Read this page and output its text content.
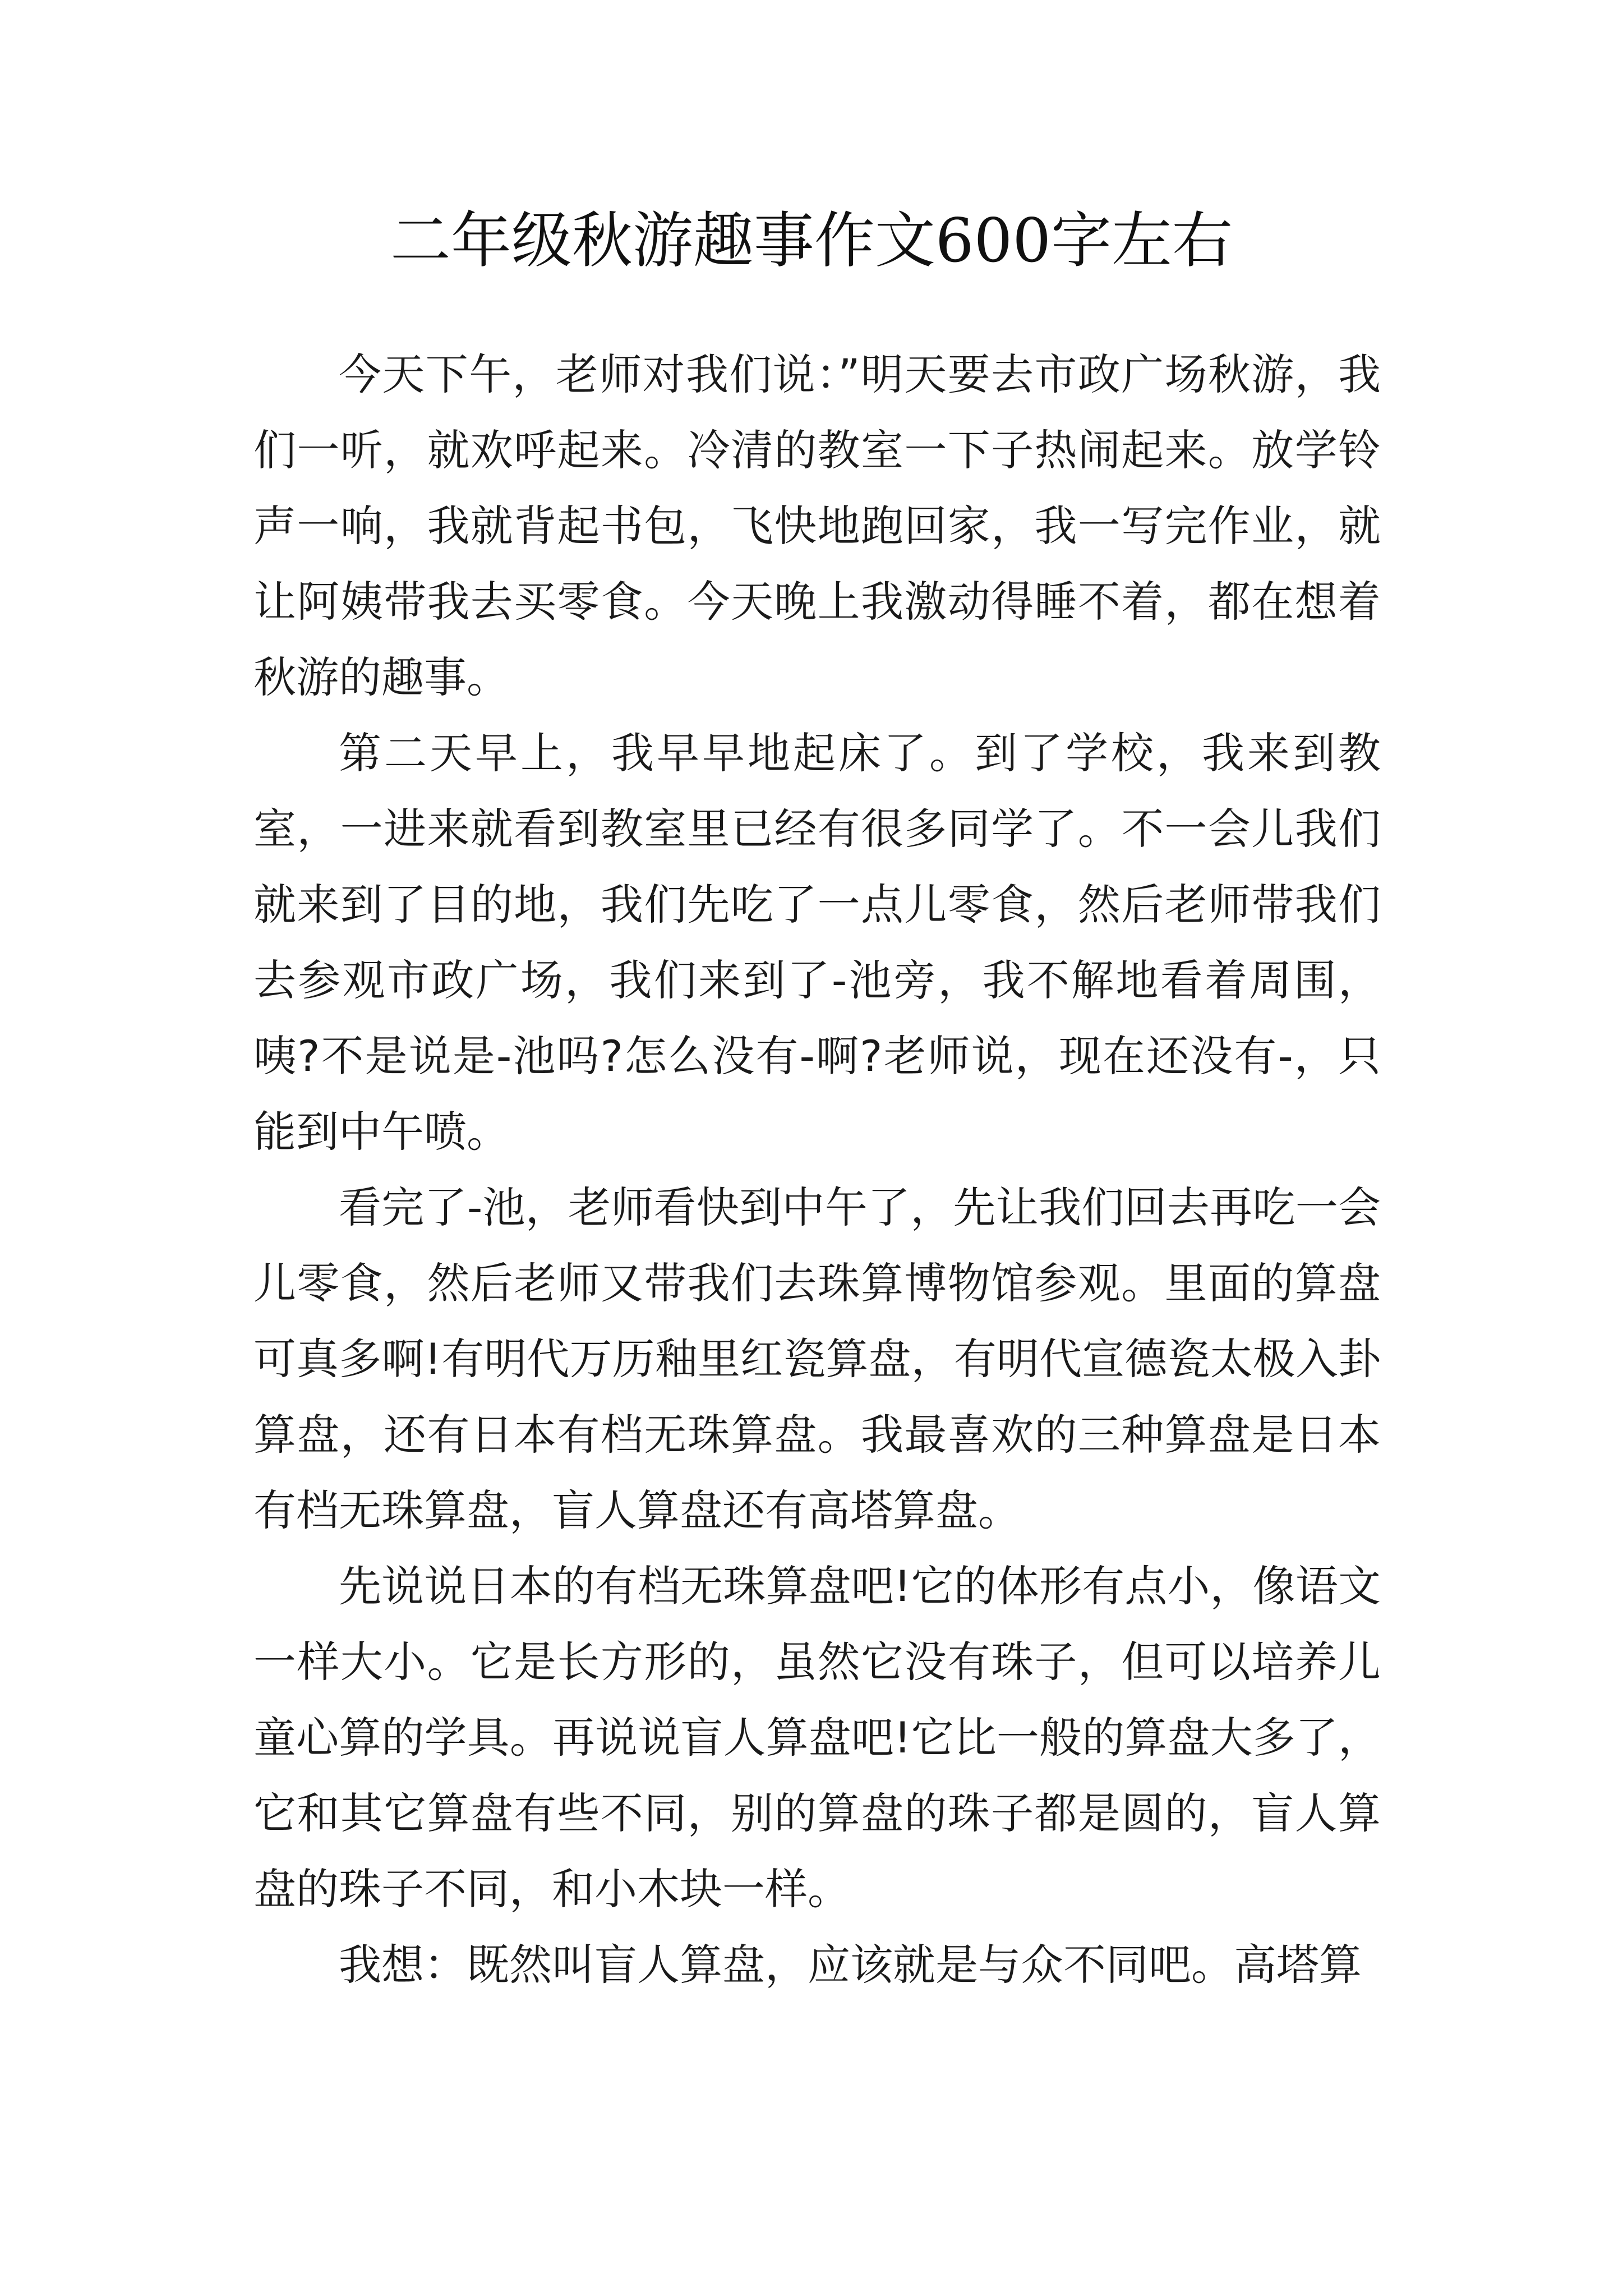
二年级秋游趣事作文600字左右

今天下午，老师对我们说：”明天要去市政广场秋游，我们一听，就欢呼起来。冷清的教室一下子热闹起来。放学铃声一响，我就背起书包，飞快地跑回家，我一写完作业，就让阿姨带我去买零食。今天晚上我激动得睡不着，都在想着秋游的趣事。

第二天早上，我早早地起床了。到了学校，我来到教室，一进来就看到教室里已经有很多同学了。不一会儿我们就来到了目的地，我们先吃了一点儿零食，然后老师带我们去参观市政广场，我们来到了-池旁，我不解地看着周围，咦?不是说是-池吗?怎么没有-啊?老师说，现在还没有-，只能到中午喷。

看完了-池，老师看快到中午了，先让我们回去再吃一会儿零食，然后老师又带我们去珠算博物馆参观。里面的算盘可真多啊!有明代万历釉里红瓷算盘，有明代宣德瓷太极入卦算盘，还有日本有档无珠算盘。我最喜欢的三种算盘是日本有档无珠算盘，盲人算盘还有高塔算盘。

先说说日本的有档无珠算盘吧!它的体形有点小，像语文一样大小。它是长方形的，虽然它没有珠子，但可以培养儿童心算的学具。再说说盲人算盘吧!它比一般的算盘大多了，它和其它算盘有些不同，别的算盘的珠子都是圆的，盲人算盘的珠子不同，和小木块一样。

我想：既然叫盲人算盘，应该就是与众不同吧。高塔算
